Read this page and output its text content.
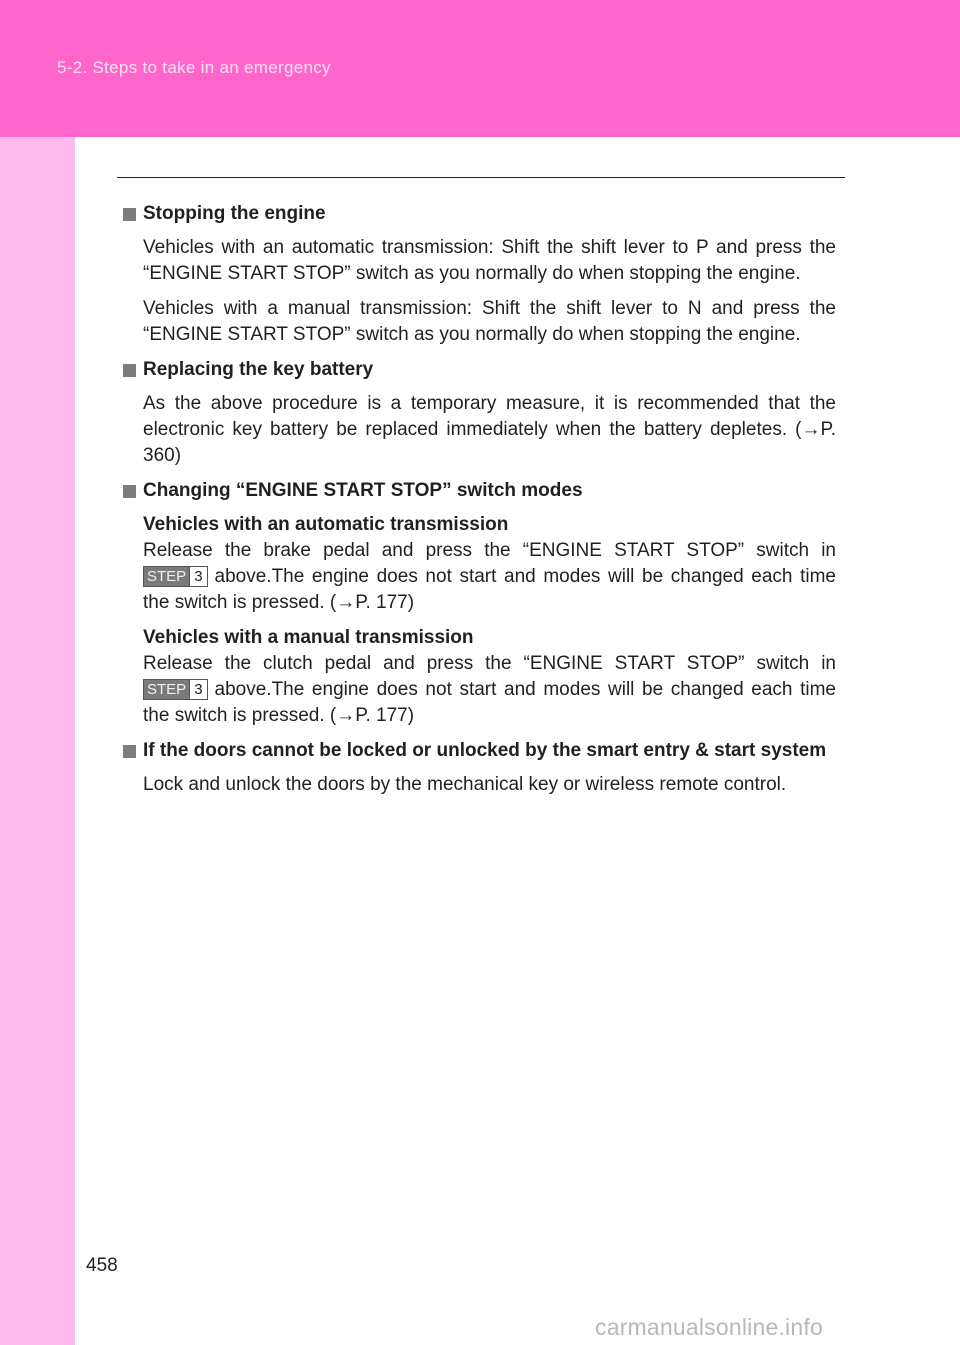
5-2. Steps to take in an emergency
Stopping the engine

Vehicles with an automatic transmission: Shift the shift lever to P and press the “ENGINE START STOP” switch as you normally do when stopping the engine.

Vehicles with a manual transmission: Shift the shift lever to N and press the “ENGINE START STOP” switch as you normally do when stopping the engine.

Replacing the key battery

As the above procedure is a temporary measure, it is recommended that the electronic key battery be replaced immediately when the battery depletes. (→P. 360)

Changing “ENGINE START STOP” switch modes

Vehicles with an automatic transmission

Release the brake pedal and press the “ENGINE START STOP” switch in STEP 3 above.The engine does not start and modes will be changed each time the switch is pressed. (→P. 177)

Vehicles with a manual transmission

Release the clutch pedal and press the “ENGINE START STOP” switch in STEP 3 above.The engine does not start and modes will be changed each time the switch is pressed. (→P. 177)

If the doors cannot be locked or unlocked by the smart entry & start system

Lock and unlock the doors by the mechanical key or wireless remote control.

458
carmanualsonline.info
